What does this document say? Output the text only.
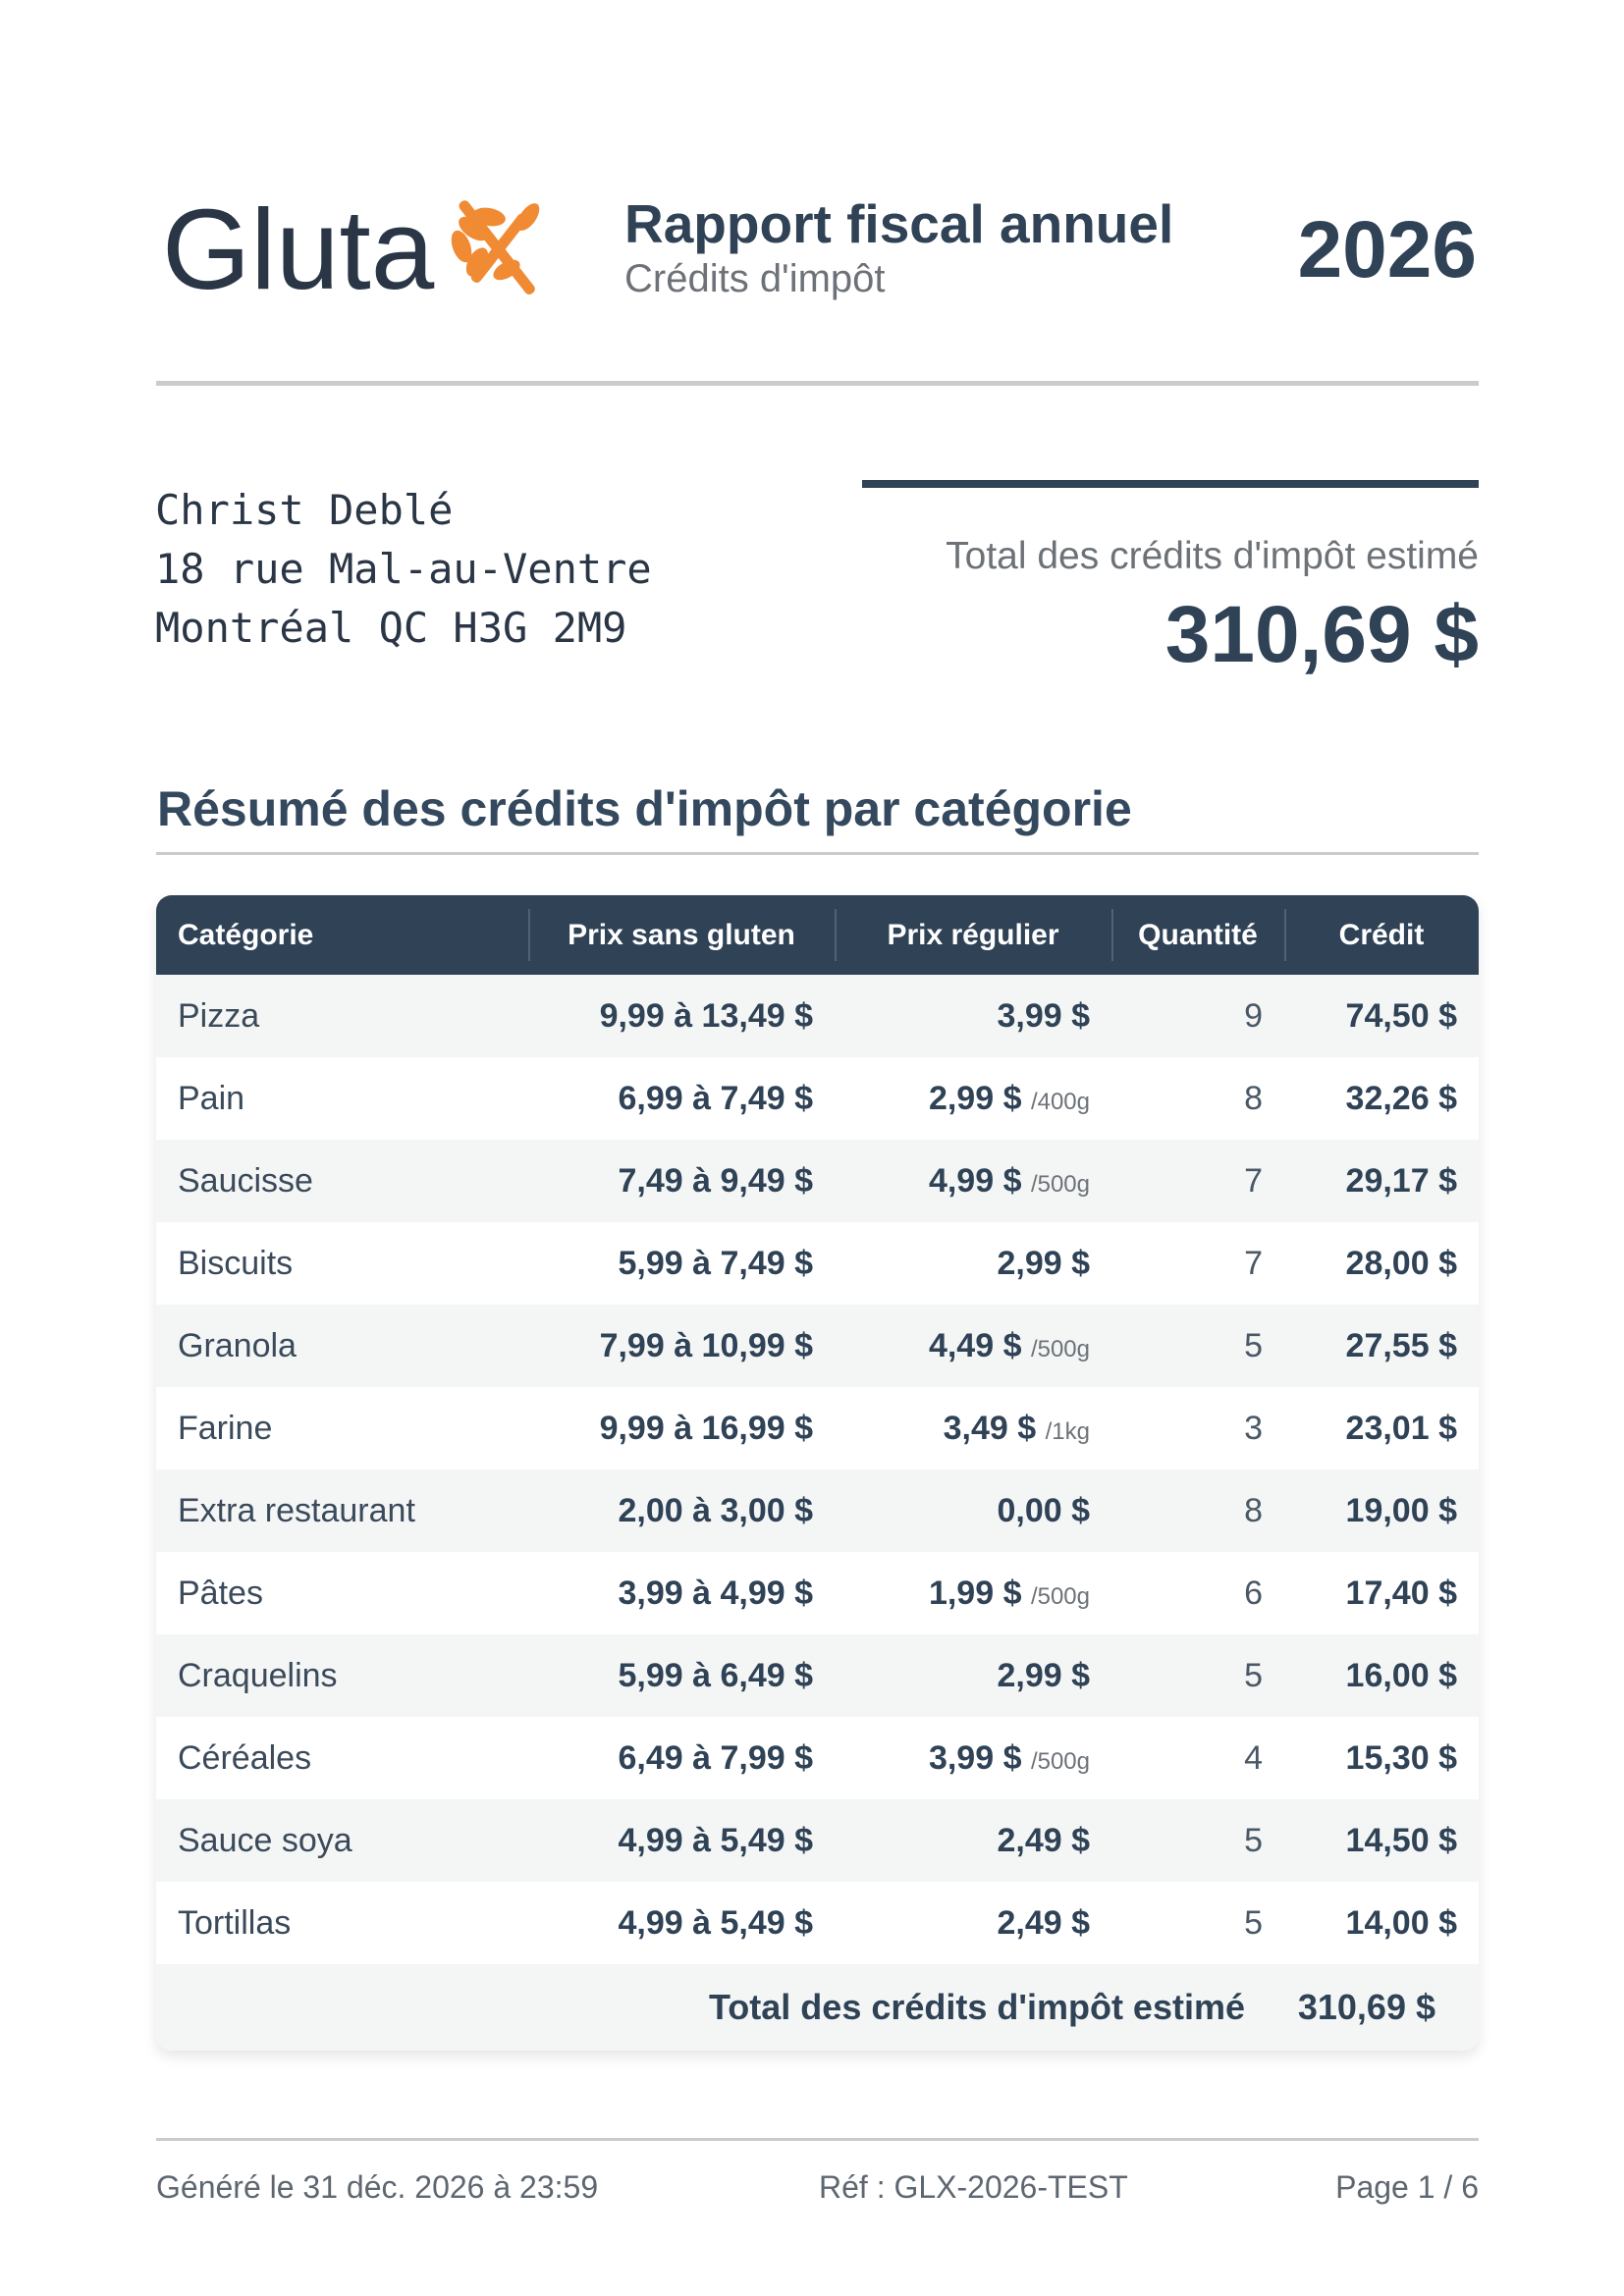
Gluta	Rapport fiscal annuel
Crédits d'impôt	2026
Christ Deblé
18 rue Mal-au-Ventre
Montréal QC H3G 2M9
Total des crédits d'impôt estimé
310,69 $
Résumé des crédits d'impôt par catégorie
Catégorie	Prix sans gluten	Prix régulier	Quantité	Crédit
Pizza	9,99 à 13,49 $	3,99 $	9	74,50 $
Pain	6,99 à 7,49 $	2,99 $ /400g	8	32,26 $
Saucisse	7,49 à 9,49 $	4,99 $ /500g	7	29,17 $
Biscuits	5,99 à 7,49 $	2,99 $	7	28,00 $
Granola	7,99 à 10,99 $	4,49 $ /500g	5	27,55 $
Farine	9,99 à 16,99 $	3,49 $ /1kg	3	23,01 $
Extra restaurant	2,00 à 3,00 $	0,00 $	8	19,00 $
Pâtes	3,99 à 4,99 $	1,99 $ /500g	6	17,40 $
Craquelins	5,99 à 6,49 $	2,99 $	5	16,00 $
Céréales	6,49 à 7,99 $	3,99 $ /500g	4	15,30 $
Sauce soya	4,99 à 5,49 $	2,49 $	5	14,50 $
Tortillas	4,99 à 5,49 $	2,49 $	5	14,00 $
Total des crédits d'impôt estimé				310,69 $
Généré le 31 déc. 2026 à 23:59	Réf : GLX-2026-TEST	Page 1 / 6
